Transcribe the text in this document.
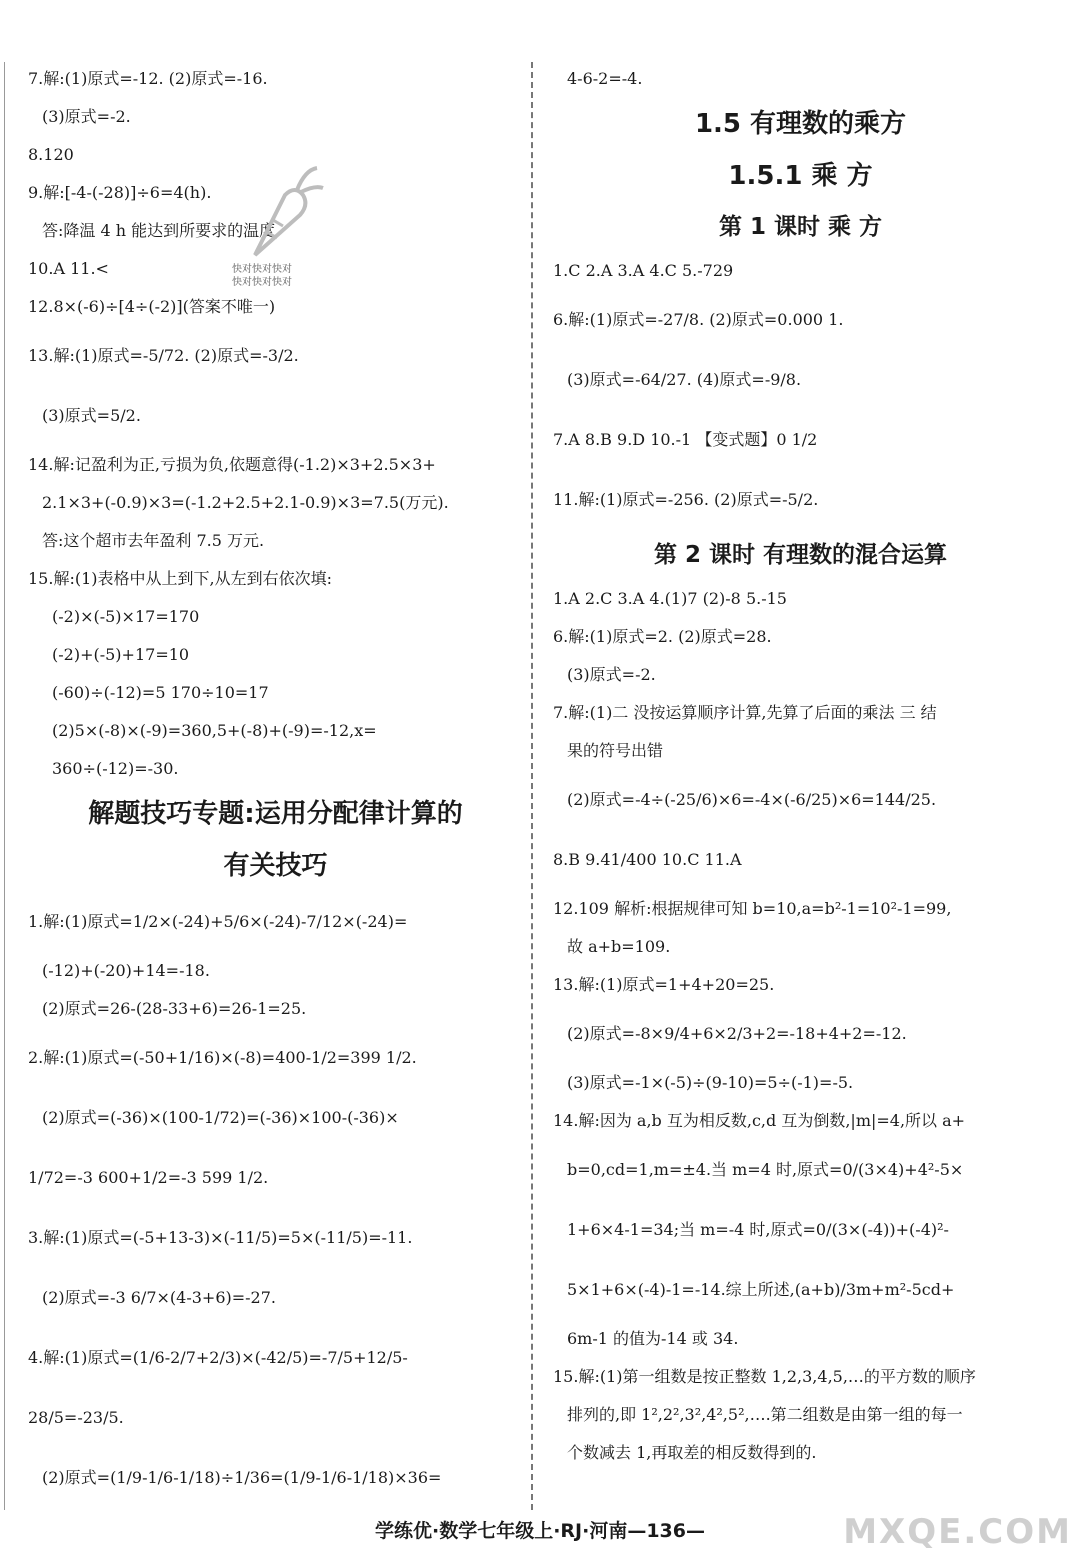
7.解:(1)原式=-12. (2)原式=-16.
(3)原式=-2.
8.120
9.解:[-4-(-28)]÷6=4(h).
答:降温 4 h 能达到所要求的温度.
10.A 11.<
12.8×(-6)÷[4÷(-2)](答案不唯一)
13.解:(1)原式=-5/72. (2)原式=-3/2.
(3)原式=5/2.
14.解:记盈利为正,亏损为负,依题意得(-1.2)×3+2.5×3+
2.1×3+(-0.9)×3=(-1.2+2.5+2.1-0.9)×3=7.5(万元).
答:这个超市去年盈利 7.5 万元.
15.解:(1)表格中从上到下,从左到右依次填:
(-2)×(-5)×17=170
(-2)+(-5)+17=10
(-60)÷(-12)=5 170÷10=17
(2)5×(-8)×(-9)=360,5+(-8)+(-9)=-12,x=
360÷(-12)=-30.
解题技巧专题:运用分配律计算的
有关技巧
1.解:(1)原式=1/2×(-24)+5/6×(-24)-7/12×(-24)=
(-12)+(-20)+14=-18.
(2)原式=26-(28-33+6)=26-1=25.
2.解:(1)原式=(-50+1/16)×(-8)=400-1/2=399 1/2.
(2)原式=(-36)×(100-1/72)=(-36)×100-(-36)×
1/72=-3 600+1/2=-3 599 1/2.
3.解:(1)原式=(-5+13-3)×(-11/5)=5×(-11/5)=-11.
(2)原式=-3 6/7×(4-3+6)=-27.
4.解:(1)原式=(1/6-2/7+2/3)×(-42/5)=-7/5+12/5-
28/5=-23/5.
(2)原式=(1/9-1/6-1/18)÷1/36=(1/9-1/6-1/18)×36=
4-6-2=-4.
1.5 有理数的乘方
1.5.1 乘 方
第 1 课时 乘 方
1.C 2.A 3.A 4.C 5.-729
6.解:(1)原式=-27/8. (2)原式=0.000 1.
(3)原式=-64/27. (4)原式=-9/8.
7.A 8.B 9.D 10.-1 【变式题】0 1/2
11.解:(1)原式=-256. (2)原式=-5/2.
第 2 课时 有理数的混合运算
1.A 2.C 3.A 4.(1)7 (2)-8 5.-15
6.解:(1)原式=2. (2)原式=28.
(3)原式=-2.
7.解:(1)二 没按运算顺序计算,先算了后面的乘法 三 结
果的符号出错
(2)原式=-4÷(-25/6)×6=-4×(-6/25)×6=144/25.
8.B 9.41/400 10.C 11.A
12.109 解析:根据规律可知 b=10,a=b²-1=10²-1=99,
故 a+b=109.
13.解:(1)原式=1+4+20=25.
(2)原式=-8×9/4+6×2/3+2=-18+4+2=-12.
(3)原式=-1×(-5)÷(9-10)=5÷(-1)=-5.
14.解:因为 a,b 互为相反数,c,d 互为倒数,|m|=4,所以 a+
b=0,cd=1,m=±4.当 m=4 时,原式=0/(3×4)+4²-5×
1+6×4-1=34;当 m=-4 时,原式=0/(3×(-4))+(-4)²-
5×1+6×(-4)-1=-14.综上所述,(a+b)/3m+m²-5cd+
6m-1 的值为-14 或 34.
15.解:(1)第一组数是按正整数 1,2,3,4,5,…的平方数的顺序
排列的,即 1²,2²,3²,4²,5²,….第二组数是由第一组的每一
个数减去 1,再取差的相反数得到的.
快对快对快对
快对快对快对
学练优·数学七年级上·RJ·河南—136—	MXQE.COM
